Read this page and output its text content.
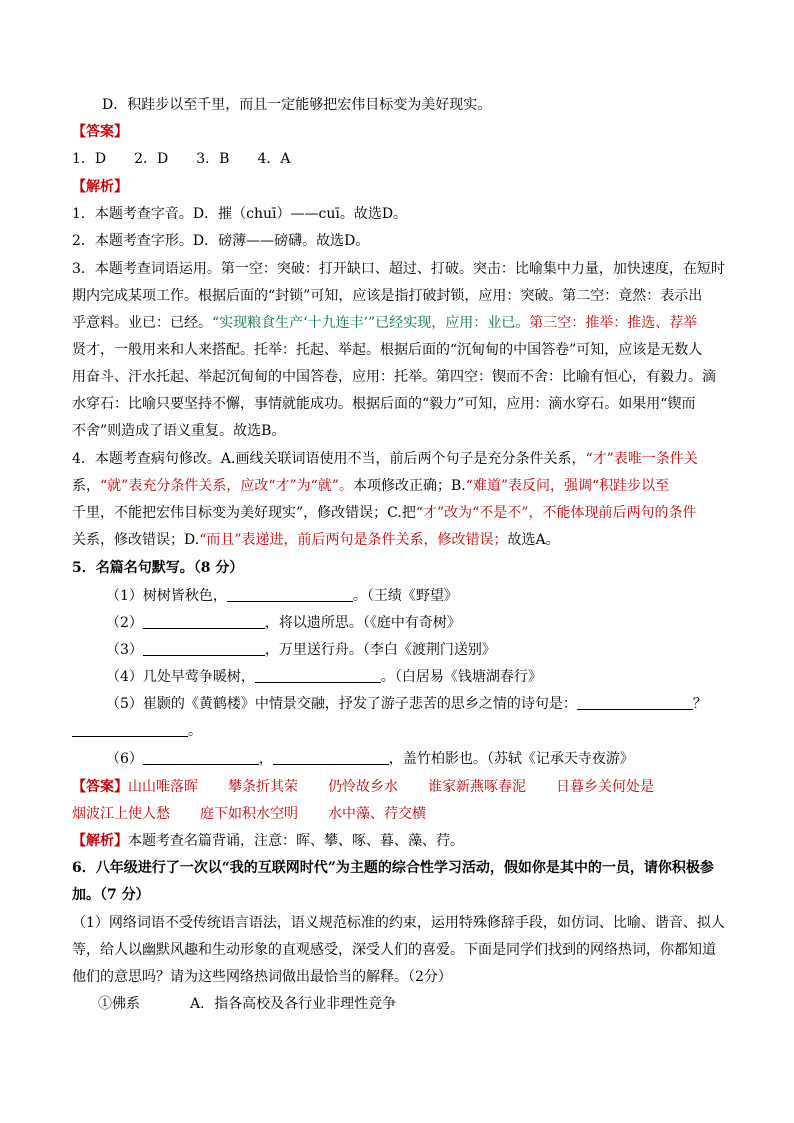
D．积跬步以至千里，而且一定能够把宏伟目标变为美好现实。
【答案】
1．D　　2．D　　3．B　　4．A
【解析】
1．本题考查字音。D．摧（chuī）——cuī。故选D。
2．本题考查字形。D．磅薄——磅礴。故选D。
3．本题考查词语运用。第一空：突破：打开缺口、超过、打破。突击：比喻集中力量，加快速度，在短时
期内完成某项工作。根据后面的“封锁”可知，应该是指打破封锁，应用：突破。第二空：竟然：表示出
乎意料。业已：已经。“实现粮食生产‘十九连丰’”已经实现，应用：业已。第三空：推举：推选、荐举
贤才，一般用来和人来搭配。托举：托起、举起。根据后面的“沉甸甸的中国答卷”可知，应该是无数人
用奋斗、汗水托起、举起沉甸甸的中国答卷，应用：托举。第四空：锲而不舍：比喻有恒心，有毅力。滴
水穿石：比喻只要坚持不懈，事情就能成功。根据后面的“毅力”可知，应用：滴水穿石。如果用“锲而
不舍”则造成了语义重复。故选B。
4．本题考查病句修改。A.画线关联词语使用不当，前后两个句子是充分条件关系，“才”表唯一条件关
系，“就”表充分条件关系，应改“才”为“就”。本项修改正确；B.“难道”表反问，强调“积跬步以至
千里，不能把宏伟目标变为美好现实”，修改错误；C.把“才”改为“不是不”，不能体现前后两句的条件
关系，修改错误；D.“而且”表递进，前后两句是条件关系，修改错误；故选A。
5．名篇名句默写。（8 分）
（1）树树皆秋色，	。（王绩《野望》
（2）	，将以遗所思。（《庭中有奇树》
（3）	，万里送行舟。（李白《渡荆门送别》
（4）几处早莺争暖树，	。（白居易《钱塘湖春行》
（5）崔颢的《黄鹤楼》中情景交融，抒发了游子悲苦的思乡之情的诗句是：	？
。
（6）	，	，盖竹柏影也。（苏轼《记承天寺夜游》
【答案】山山唯落晖 攀条折其荣 仍怜故乡水 谁家新燕啄春泥 日暮乡关何处是
烟波江上使人愁 庭下如积水空明 水中藻、荇交横
【解析】本题考查名篇背诵，注意：晖、攀、啄、暮、藻、荇。
6．八年级进行了一次以“我的互联网时代”为主题的综合性学习活动，假如你是其中的一员，请你积极参
加。（7 分）
（1）网络词语不受传统语言语法，语义规范标准的约束，运用特殊修辞手段，如仿词、比喻、谐音、拟人
等，给人以幽默风趣和生动形象的直观感受，深受人们的喜爱。下面是同学们找到的网络热词，你都知道
他们的意思吗？请为这些网络热词做出最恰当的解释。（2分）
①佛系	A．指各高校及各行业非理性竞争
